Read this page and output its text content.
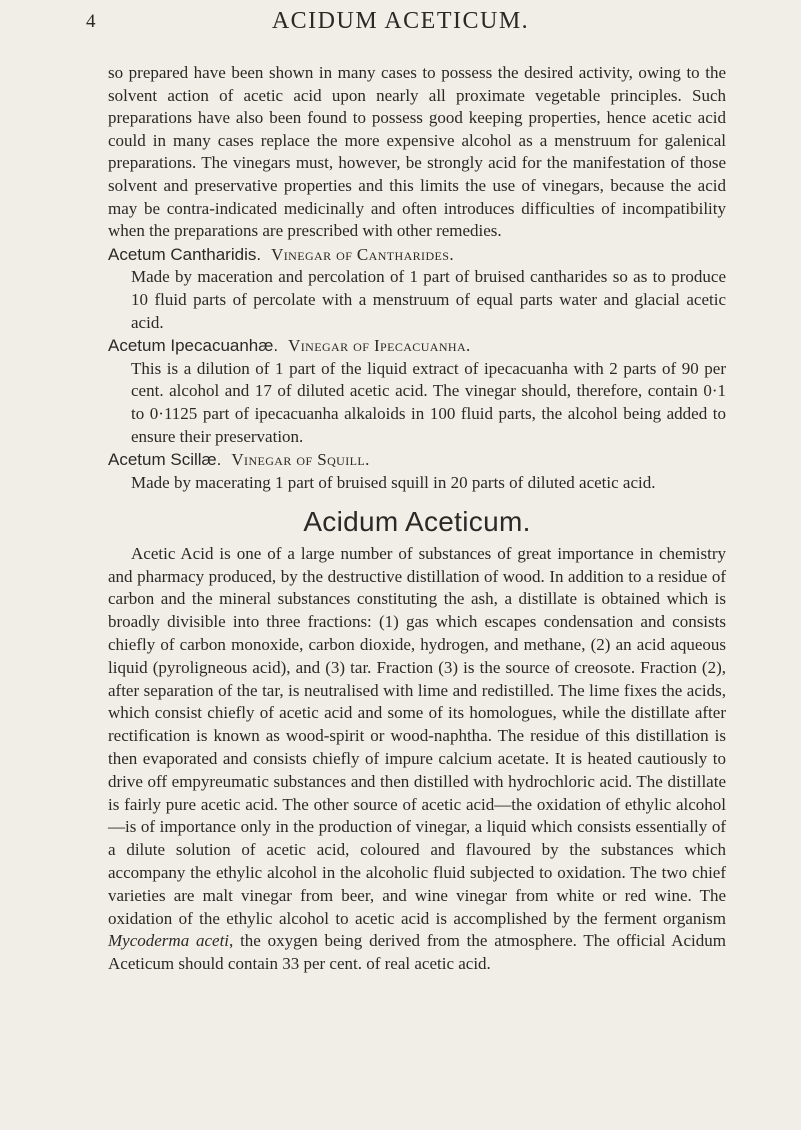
4	ACIDUM ACETICUM.

so prepared have been shown in many cases to possess the desired activity, owing to the solvent action of acetic acid upon nearly all proximate vegetable principles. Such preparations have also been found to possess good keeping properties, hence acetic acid could in many cases replace the more expensive alcohol as a menstruum for galenical preparations. The vinegars must, however, be strongly acid for the manifestation of those solvent and preservative properties and this limits the use of vinegars, because the acid may be contra-indicated medicinally and often introduces difficulties of incompatibility when the preparations are prescribed with other remedies.

Acetum Cantharidis. Vinegar of Cantharides.

Made by maceration and percolation of 1 part of bruised cantharides so as to produce 10 fluid parts of percolate with a menstruum of equal parts water and glacial acetic acid.

Acetum Ipecacuanhæ. Vinegar of Ipecacuanha.

This is a dilution of 1 part of the liquid extract of ipecacuanha with 2 parts of 90 per cent. alcohol and 17 of diluted acetic acid. The vinegar should, therefore, contain 0·1 to 0·1125 part of ipecacuanha alkaloids in 100 fluid parts, the alcohol being added to ensure their preservation.

Acetum Scillæ. Vinegar of Squill.

Made by macerating 1 part of bruised squill in 20 parts of diluted acetic acid.

Acidum Aceticum.

Acetic Acid is one of a large number of substances of great importance in chemistry and pharmacy produced, by the destructive distillation of wood. In addition to a residue of carbon and the mineral substances constituting the ash, a distillate is obtained which is broadly divisible into three fractions: (1) gas which escapes condensation and consists chiefly of carbon monoxide, carbon dioxide, hydrogen, and methane, (2) an acid aqueous liquid (pyroligneous acid), and (3) tar. Fraction (3) is the source of creosote. Fraction (2), after separation of the tar, is neutralised with lime and redistilled. The lime fixes the acids, which consist chiefly of acetic acid and some of its homologues, while the distillate after rectification is known as wood-spirit or wood-naphtha. The residue of this distillation is then evaporated and consists chiefly of impure calcium acetate. It is heated cautiously to drive off empyreumatic substances and then distilled with hydrochloric acid. The distillate is fairly pure acetic acid. The other source of acetic acid—the oxidation of ethylic alcohol—is of importance only in the production of vinegar, a liquid which consists essentially of a dilute solution of acetic acid, coloured and flavoured by the substances which accompany the ethylic alcohol in the alcoholic fluid subjected to oxidation. The two chief varieties are malt vinegar from beer, and wine vinegar from white or red wine. The oxidation of the ethylic alcohol to acetic acid is accomplished by the ferment organism Mycoderma aceti, the oxygen being derived from the atmosphere. The official Acidum Aceticum should contain 33 per cent. of real acetic acid.
